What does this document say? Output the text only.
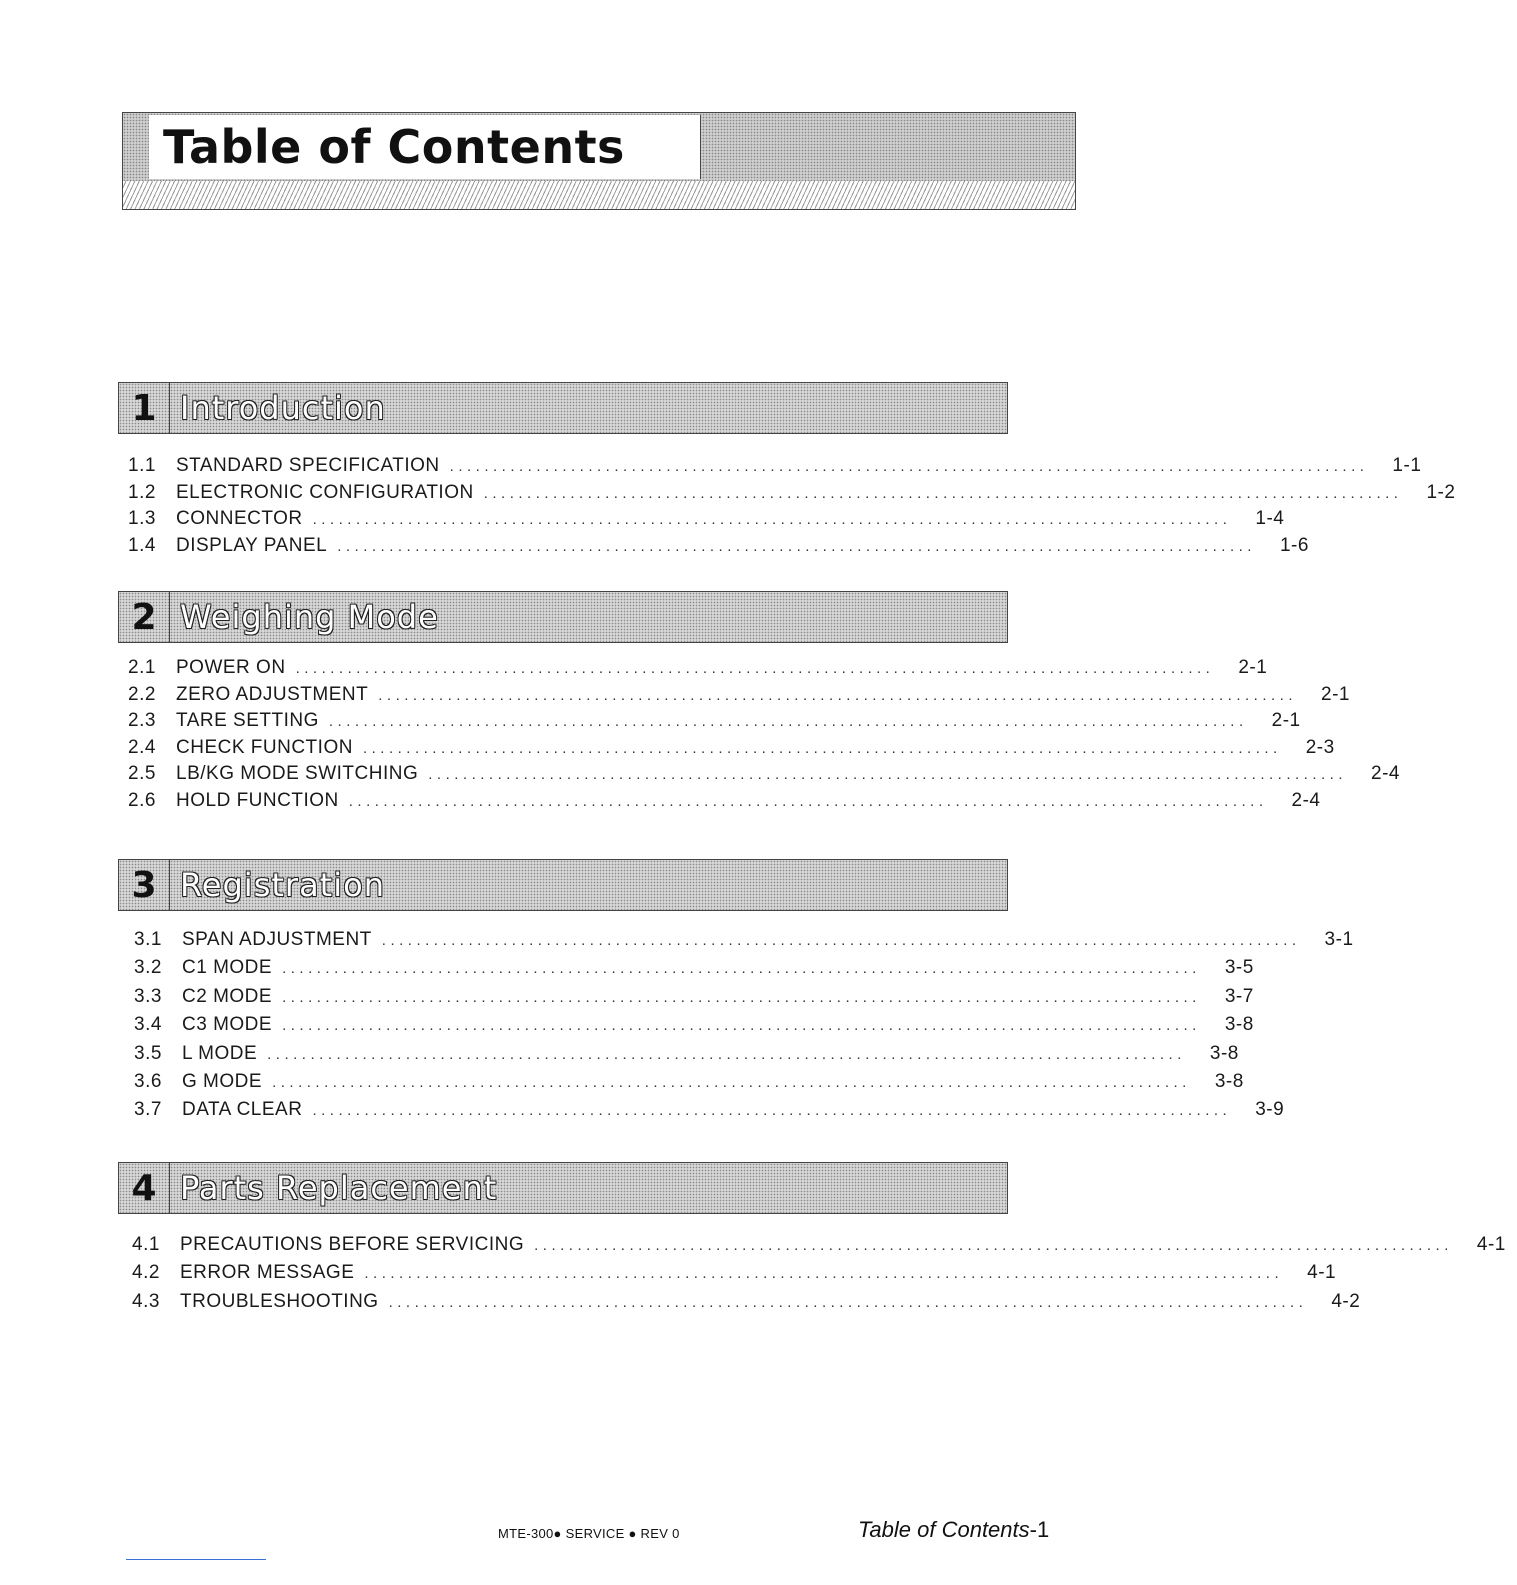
Table of Contents
1 Introduction
1.1	STANDARD SPECIFICATION ..........................................................................................................	1-1
1.2	ELECTRONIC CONFIGURATION ..........................................................................................................	1-2
1.3	CONNECTOR ..........................................................................................................	1-4
1.4	DISPLAY PANEL ..........................................................................................................	1-6
2 Weighing Mode
2.1	POWER ON ..........................................................................................................	2-1
2.2	ZERO ADJUSTMENT ..........................................................................................................	2-1
2.3	TARE SETTING ..........................................................................................................	2-1
2.4	CHECK FUNCTION ..........................................................................................................	2-3
2.5	LB/KG MODE SWITCHING ..........................................................................................................	2-4
2.6	HOLD FUNCTION ..........................................................................................................	2-4
3 Registration
3.1	SPAN ADJUSTMENT ..........................................................................................................	3-1
3.2	C1 MODE ..........................................................................................................	3-5
3.3	C2 MODE ..........................................................................................................	3-7
3.4	C3 MODE ..........................................................................................................	3-8
3.5	L MODE ..........................................................................................................	3-8
3.6	G MODE ..........................................................................................................	3-8
3.7	DATA CLEAR ..........................................................................................................	3-9
4 Parts Replacement
4.1	PRECAUTIONS BEFORE SERVICING ..........................................................................................................	4-1
4.2	ERROR MESSAGE ..........................................................................................................	4-1
4.3	TROUBLESHOOTING ..........................................................................................................	4-2
MTE-300● SERVICE ● REV 0	Table of Contents-1
